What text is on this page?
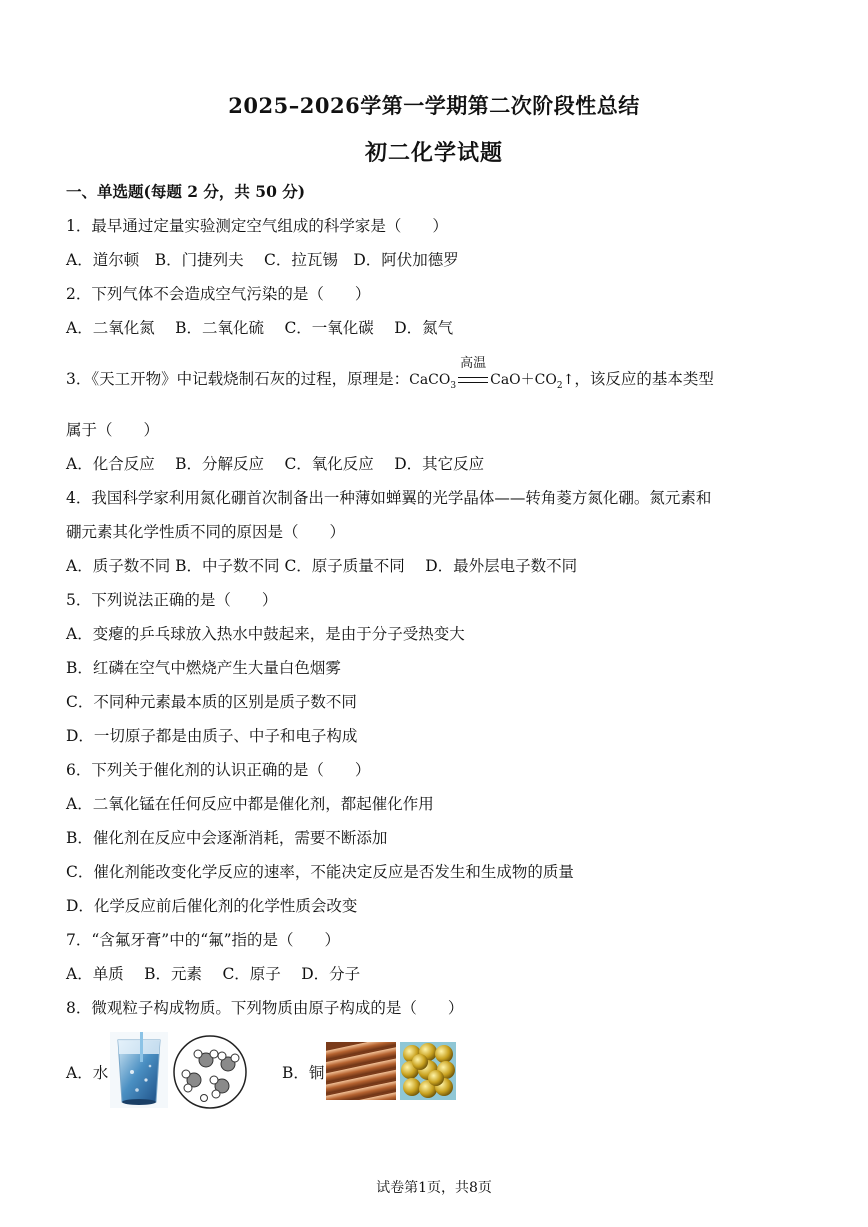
2025–2026学第一学期第二次阶段性总结
初二化学试题
一、单选题(每题 2 分，共 50 分)
1．最早通过定量实验测定空气组成的科学家是（　　）
A．道尔顿　B．门捷列夫　 C．拉瓦锡　D．阿伏加德罗
2．下列气体不会造成空气污染的是（　　）
A．二氧化氮　 B．二氧化硫　 C．一氧化碳　 D．氮气
3．《天工开物》中记载烧制石灰的过程，原理是：CaCO$_3$
高温
$CaO+CO_2↑$，该反应的基本类型
属于（　　）
A．化合反应　 B．分解反应　 C．氧化反应　 D．其它反应
4．我国科学家利用氮化硼首次制备出一种薄如蝉翼的光学晶体——转角菱方氮化硼。氮元素和
硼元素其化学性质不同的原因是（　　）
A．质子数不同 B．中子数不同 C．原子质量不同　 D．最外层电子数不同
5．下列说法正确的是（　　）
A．变瘪的乒乓球放入热水中鼓起来，是由于分子受热变大
B．红磷在空气中燃烧产生大量白色烟雾
C．不同种元素最本质的区别是质子数不同
D．一切原子都是由质子、中子和电子构成
6．下列关于催化剂的认识正确的是（　　）
A．二氧化锰在任何反应中都是催化剂，都起催化作用
B．催化剂在反应中会逐渐消耗，需要不断添加
C．催化剂能改变化学反应的速率，不能决定反应是否发生和生成物的质量
D．化学反应前后催化剂的化学性质会改变
7．“含氟牙膏”中的“氟”指的是（　　）
A．单质　 B．元素　 C．原子　 D．分子
8．微观粒子构成物质。下列物质由原子构成的是（　　）
A．水	B．铜
试卷第1页，共8页
